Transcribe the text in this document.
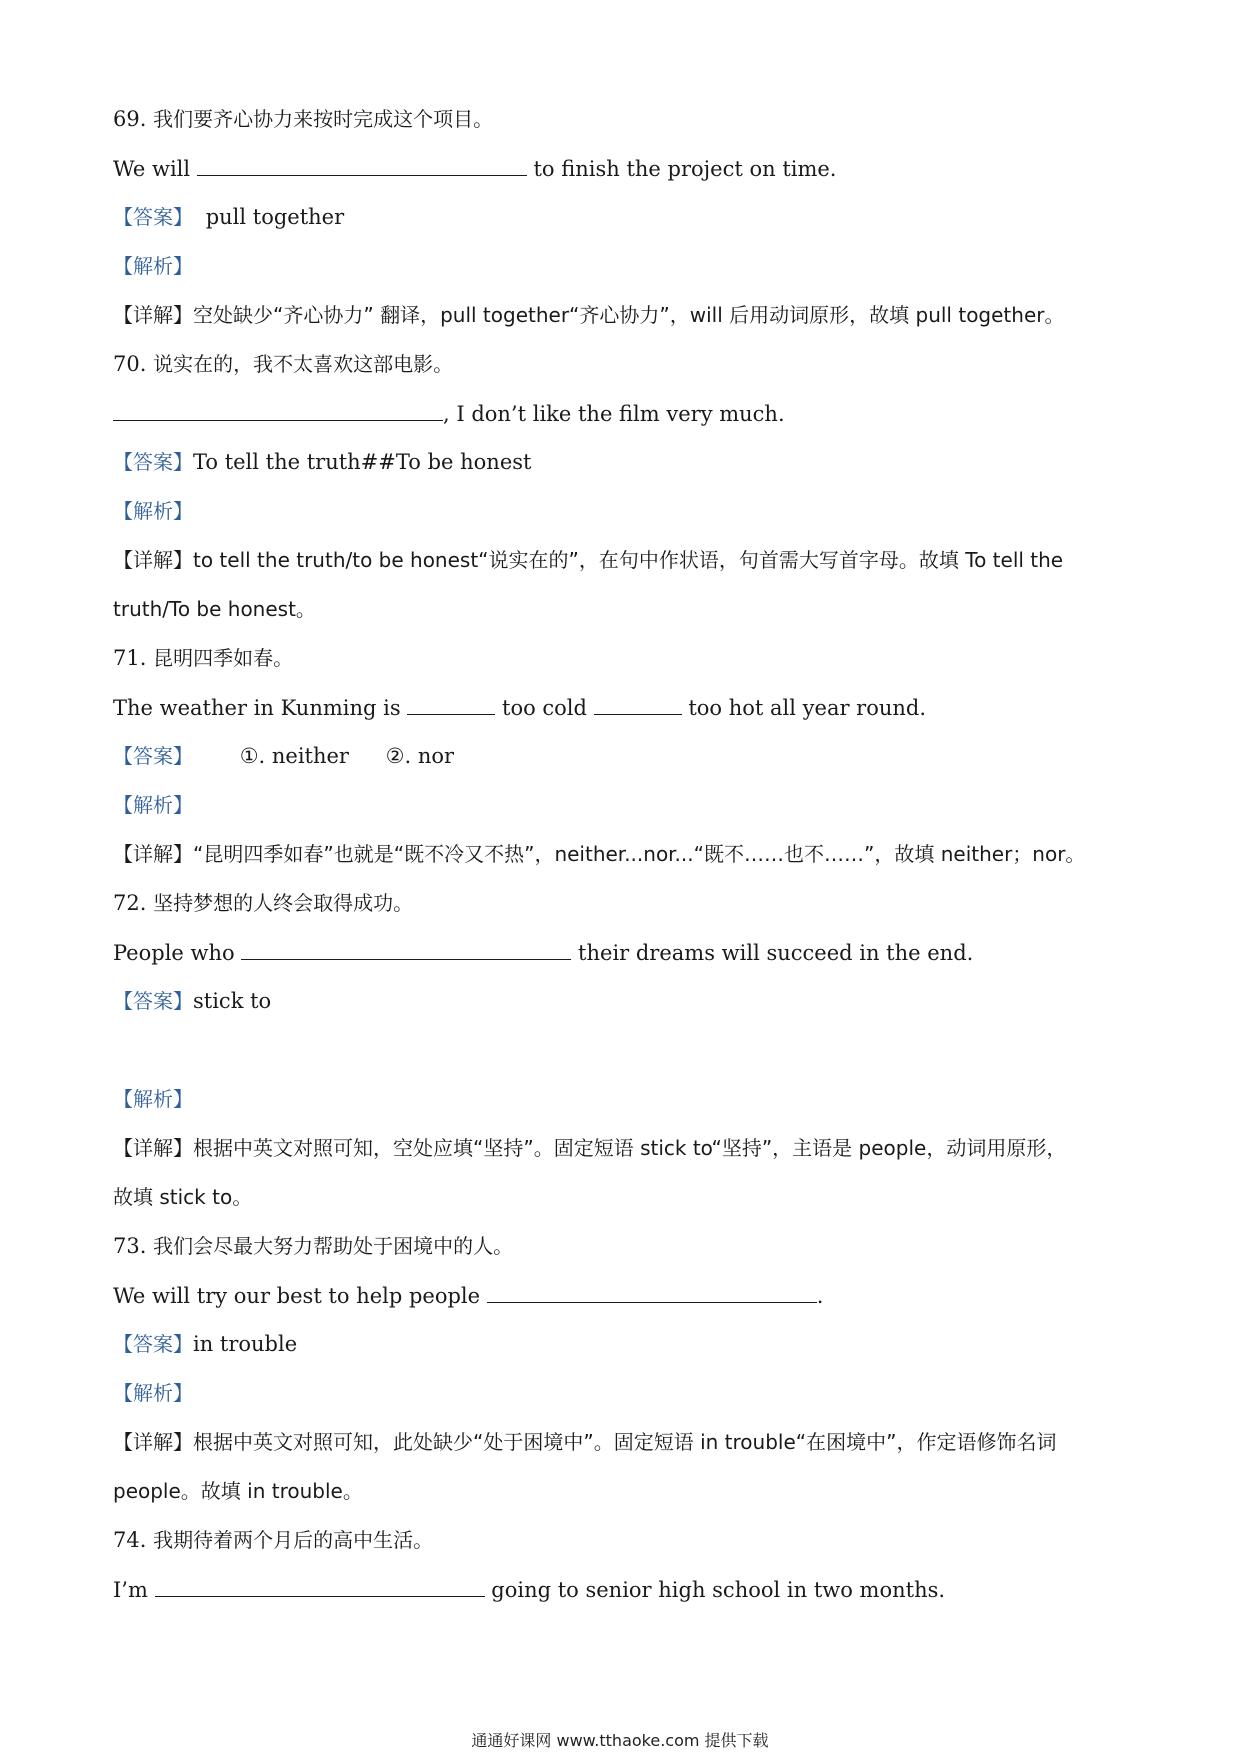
69. 我们要齐心协力来按时完成这个项目。
We will	to finish the project on time.
【答案】 pull together
【解析】
【详解】空处缺少“齐心协力” 翻译，pull together“齐心协力”，will 后用动词原形，故填 pull together。
70. 说实在的，我不太喜欢这部电影。
, I don’t like the film very much.
【答案】To tell the truth##To be honest
【解析】
【详解】to tell the truth/to be honest“说实在的”，在句中作状语，句首需大写首字母。故填 To tell the
truth/To be honest。
71. 昆明四季如春。
The weather in Kunming is	too cold	too hot all year round.
【答案】 ①. neither ②. nor
【解析】
【详解】“昆明四季如春”也就是“既不冷又不热”，neither...nor...“既不……也不……”，故填 neither；nor。
72. 坚持梦想的人终会取得成功。
People who	their dreams will succeed in the end.
【答案】stick to
【解析】
【详解】根据中英文对照可知，空处应填“坚持”。固定短语 stick to“坚持”，主语是 people，动词用原形，
故填 stick to。
73. 我们会尽最大努力帮助处于困境中的人。
We will try our best to help people	.
【答案】in trouble
【解析】
【详解】根据中英文对照可知，此处缺少“处于困境中”。固定短语 in trouble“在困境中”，作定语修饰名词
people。故填 in trouble。
74. 我期待着两个月后的高中生活。
I’m	going to senior high school in two months.
通通好课网 www.tthaoke.com 提供下载
